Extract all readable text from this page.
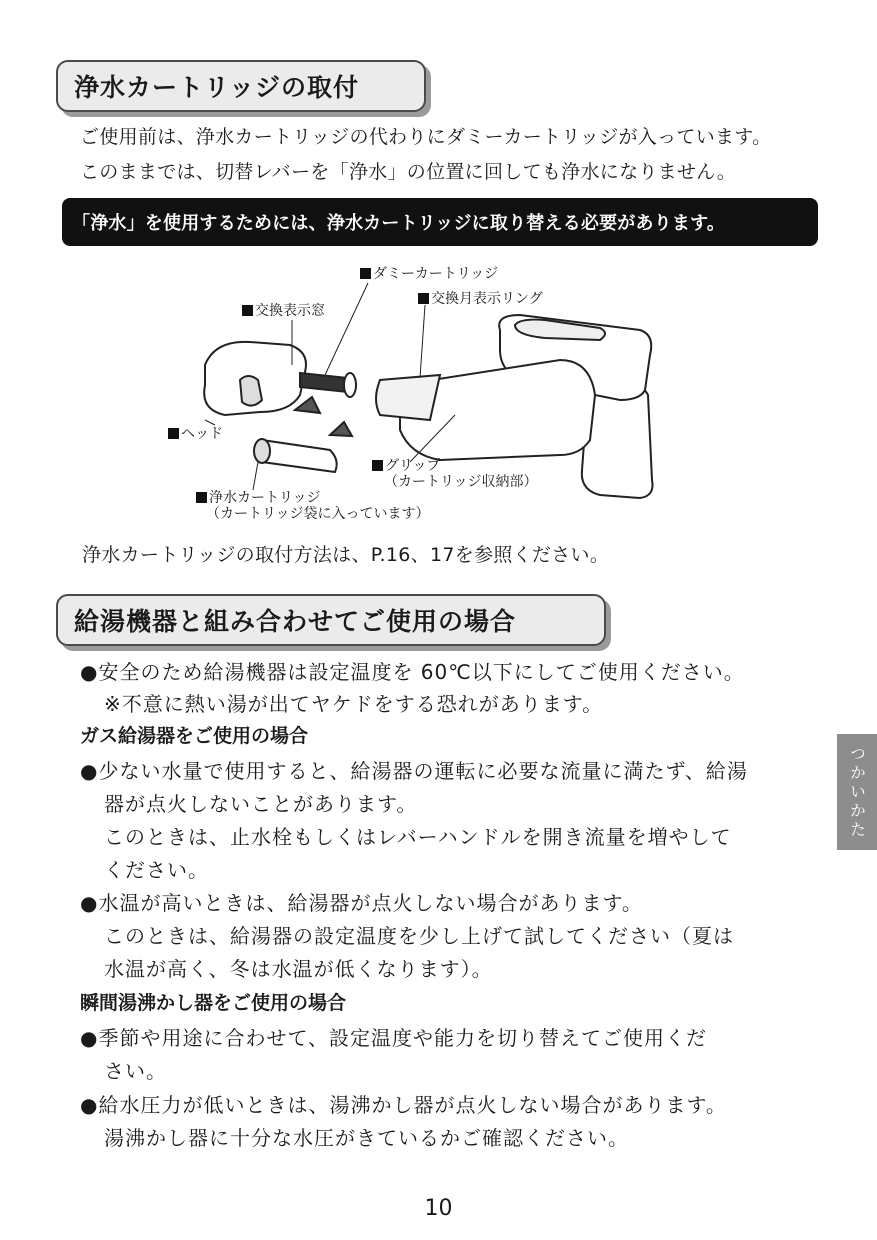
浄水カートリッジの取付
ご使用前は、浄水カートリッジの代わりにダミーカートリッジが入っています。
このままでは、切替レバーを「浄水」の位置に回しても浄水になりません。
「浄水」を使用するためには、浄水カートリッジに取り替える必要があります。
ダミーカートリッジ
交換表示窓
交換月表示リング
ヘッド
グリップ
（カートリッジ収納部）
浄水カートリッジ
（カートリッジ袋に入っています）
浄水カートリッジの取付方法は、P.16、17を参照ください。
給湯機器と組み合わせてご使用の場合
●安全のため給湯機器は設定温度を 60℃以下にしてご使用ください。
※不意に熱い湯が出てヤケドをする恐れがあります。
ガス給湯器をご使用の場合
●少ない水量で使用すると、給湯器の運転に必要な流量に満たず、給湯
器が点火しないことがあります。
このときは、止水栓もしくはレバーハンドルを開き流量を増やして
ください。
●水温が高いときは、給湯器が点火しない場合があります。
このときは、給湯器の設定温度を少し上げて試してください（夏は
水温が高く、冬は水温が低くなります）。
瞬間湯沸かし器をご使用の場合
●季節や用途に合わせて、設定温度や能力を切り替えてご使用くだ
さい。
●給水圧力が低いときは、湯沸かし器が点火しない場合があります。
湯沸かし器に十分な水圧がきているかご確認ください。
つかいかた
10
